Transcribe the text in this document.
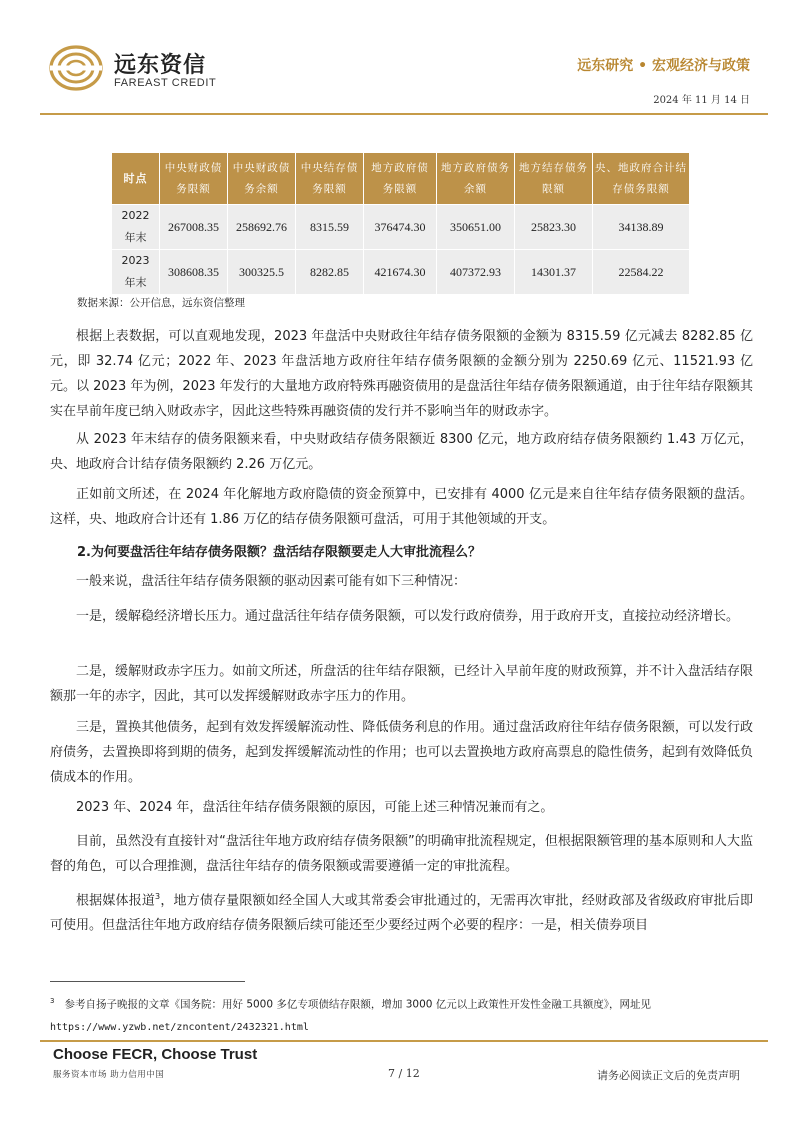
远东资信
FAREAST CREDIT
远东研究 • 宏观经济与政策
2024 年 11 月 14 日
时点	中央财政债务限额	中央财政债务余额	中央结存债务限额	地方政府债务限额	地方政府债务余额	地方结存债务限额	央、地政府合计结存债务限额
2022
年末	267008.35	258692.76	8315.59	376474.30	350651.00	25823.30	34138.89
2023
年末	308608.35	300325.5	8282.85	421674.30	407372.93	14301.37	22584.22
数据来源：公开信息，远东资信整理

根据上表数据，可以直观地发现，2023 年盘活中央财政往年结存债务限额的金额为 8315.59 亿元减去 8282.85 亿元，即 32.74 亿元；2022 年、2023 年盘活地方政府往年结存债务限额的金额分别为 2250.69 亿元、11521.93 亿元。以 2023 年为例，2023 年发行的大量地方政府特殊再融资债用的是盘活往年结存债务限额通道，由于往年结存限额其实在早前年度已纳入财政赤字，因此这些特殊再融资债的发行并不影响当年的财政赤字。

从 2023 年末结存的债务限额来看，中央财政结存债务限额近 8300 亿元，地方政府结存债务限额约 1.43 万亿元，央、地政府合计结存债务限额约 2.26 万亿元。

正如前文所述，在 2024 年化解地方政府隐债的资金预算中，已安排有 4000 亿元是来自往年结存债务限额的盘活。这样，央、地政府合计还有 1.86 万亿的结存债务限额可盘活，可用于其他领域的开支。

2.为何要盘活往年结存债务限额？盘活结存限额要走人大审批流程么？

一般来说，盘活往年结存债务限额的驱动因素可能有如下三种情况：

一是，缓解稳经济增长压力。通过盘活往年结存债务限额，可以发行政府债券，用于政府开支，直接拉动经济增长。

二是，缓解财政赤字压力。如前文所述，所盘活的往年结存限额，已经计入早前年度的财政预算，并不计入盘活结存限额那一年的赤字，因此，其可以发挥缓解财政赤字压力的作用。

三是，置换其他债务，起到有效发挥缓解流动性、降低债务利息的作用。通过盘活政府往年结存债务限额，可以发行政府债务，去置换即将到期的债务，起到发挥缓解流动性的作用；也可以去置换地方政府高票息的隐性债务，起到有效降低负债成本的作用。

2023 年、2024 年，盘活往年结存债务限额的原因，可能上述三种情况兼而有之。

目前，虽然没有直接针对“盘活往年地方政府结存债务限额”的明确审批流程规定，但根据限额管理的基本原则和人大监督的角色，可以合理推测，盘活往年结存的债务限额或需要遵循一定的审批流程。

根据媒体报道$^3$，地方债存量限额如经全国人大或其常委会审批通过的，无需再次审批，经财政部及省级政府审批后即可使用。但盘活往年地方政府结存债务限额后续可能还至少要经过两个必要的程序：一是，相关债券项目

$^3$ 参考自扬子晚报的文章《国务院：用好 5000 多亿专项债结存限额，增加 3000 亿元以上政策性开发性金融工具额度》，网址见
https://www.yzwb.net/zncontent/2432321.html
Choose FECR, Choose Trust
服务资本市场 助力信用中国	7 / 12	请务必阅读正文后的免责声明
